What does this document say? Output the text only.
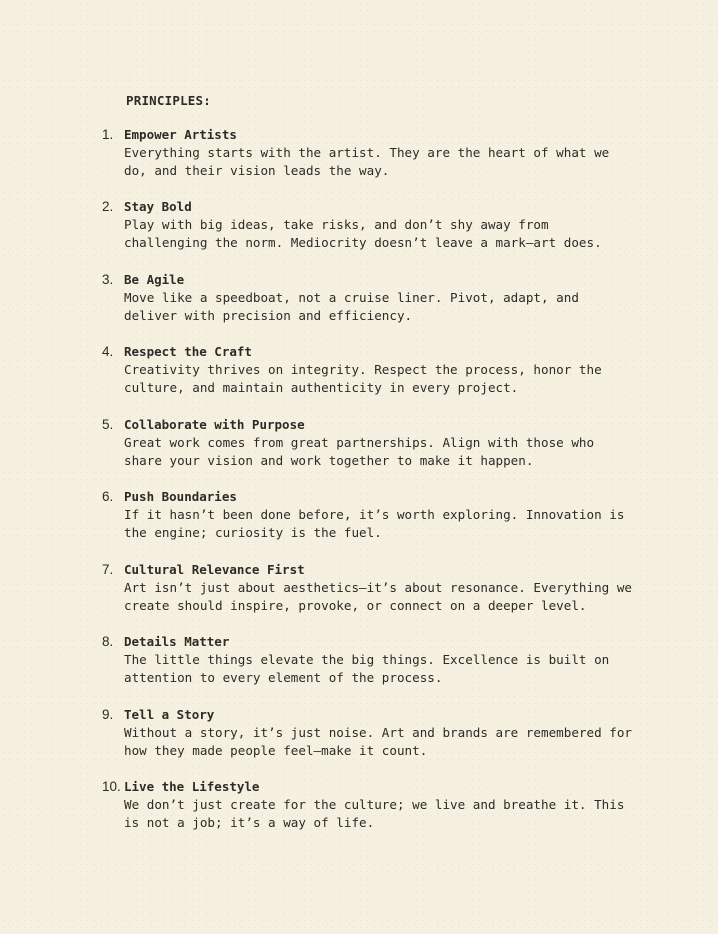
PRINCIPLES:
1. Empower Artists
Everything starts with the artist. They are the heart of what we
do, and their vision leads the way.
2. Stay Bold
Play with big ideas, take risks, and don’t shy away from
challenging the norm. Mediocrity doesn’t leave a mark—art does.
3. Be Agile
Move like a speedboat, not a cruise liner. Pivot, adapt, and
deliver with precision and efficiency.
4. Respect the Craft
Creativity thrives on integrity. Respect the process, honor the
culture, and maintain authenticity in every project.
5. Collaborate with Purpose
Great work comes from great partnerships. Align with those who
share your vision and work together to make it happen.
6. Push Boundaries
If it hasn’t been done before, it’s worth exploring. Innovation is
the engine; curiosity is the fuel.
7. Cultural Relevance First
Art isn’t just about aesthetics—it’s about resonance. Everything we
create should inspire, provoke, or connect on a deeper level.
8. Details Matter
The little things elevate the big things. Excellence is built on
attention to every element of the process.
9. Tell a Story
Without a story, it’s just noise. Art and brands are remembered for
how they made people feel—make it count.
10. Live the Lifestyle
We don’t just create for the culture; we live and breathe it. This
is not a job; it’s a way of life.
